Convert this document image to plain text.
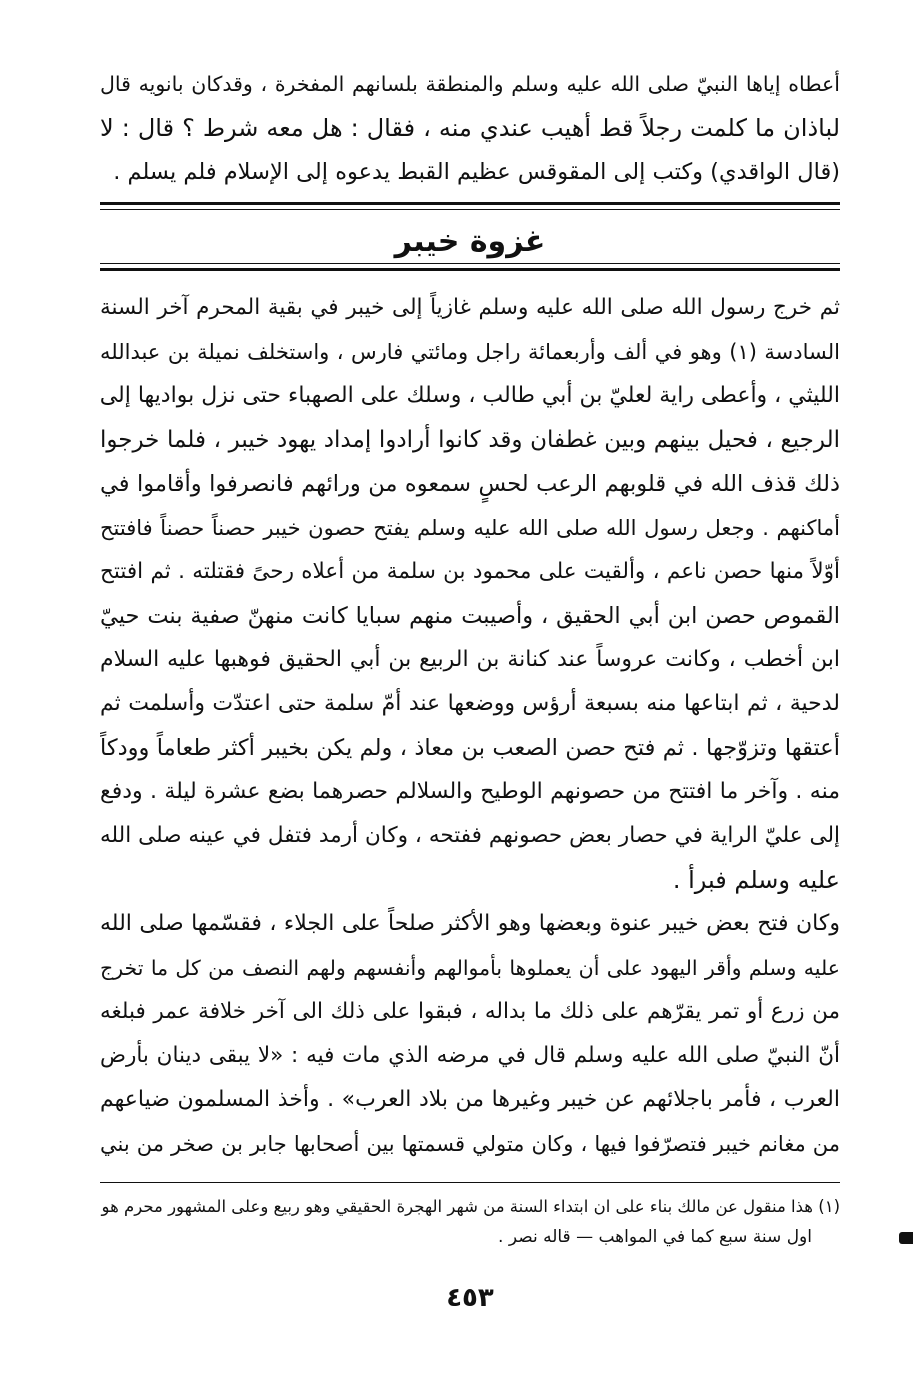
أعطاه إياها النبيّ صلى الله عليه وسلم والمنطقة بلسانهم المفخرة ، وقدكان بانويه قال
لباذان ما كلمت رجلاً قط أهيب عندي منه ، فقال : هل معه شرط ؟ قال : لا
(قال الواقدي) وكتب إلى المقوقس عظيم القبط يدعوه إلى الإسلام فلم يسلم .
غزوة خيبر
ثم خرج رسول الله صلى الله عليه وسلم غازياً إلى خيبر في بقية المحرم آخر السنة
السادسة (١) وهو في ألف وأربعمائة راجل ومائتي فارس ، واستخلف نميلة بن عبدالله
الليثي ، وأعطى راية لعليّ بن أبي طالب ، وسلك على الصهباء حتى نزل بواديها إلى
الرجيع ، فحيل بينهم وبين غطفان وقد كانوا أرادوا إمداد يهود خيبر ، فلما خرجوا
ذلك قذف الله في قلوبهم الرعب لحسٍ سمعوه من ورائهم فانصرفوا وأقاموا في
أماكنهم . وجعل رسول الله صلى الله عليه وسلم يفتح حصون خيبر حصناً حصناً فافتتح
أوّلاً منها حصن ناعم ، وألقيت على محمود بن سلمة من أعلاه رحىً فقتلته . ثم افتتح
القموص حصن ابن أبي الحقيق ، وأصيبت منهم سبايا كانت منهنّ صفية بنت حييّ
ابن أخطب ، وكانت عروساً عند كنانة بن الربيع بن أبي الحقيق فوهبها عليه السلام
لدحية ، ثم ابتاعها منه بسبعة أرؤس ووضعها عند أمّ سلمة حتى اعتدّت وأسلمت ثم
أعتقها وتزوّجها . ثم فتح حصن الصعب بن معاذ ، ولم يكن بخيبر أكثر طعاماً وودكاً
منه . وآخر ما افتتح من حصونهم الوطيح والسلالم حصرهما بضع عشرة ليلة . ودفع
إلى عليّ الراية في حصار بعض حصونهم ففتحه ، وكان أرمد فتفل في عينه صلى الله
عليه وسلم فبرأ .
وكان فتح بعض خيبر عنوة وبعضها وهو الأكثر صلحاً على الجلاء ، فقسّمها صلى الله
عليه وسلم وأقر اليهود على أن يعملوها بأموالهم وأنفسهم ولهم النصف من كل ما تخرج
من زرع أو تمر يقرّهم على ذلك ما بداله ، فبقوا على ذلك الى آخر خلافة عمر فبلغه
أنّ النبيّ صلى الله عليه وسلم قال في مرضه الذي مات فيه : «لا يبقى دينان بأرض
العرب ، فأمر باجلائهم عن خيبر وغيرها من بلاد العرب» . وأخذ المسلمون ضياعهم
من مغانم خيبر فتصرّفوا فيها ، وكان متولي قسمتها بين أصحابها جابر بن صخر من بني
(١) هذا منقول عن مالك بناء على ان ابتداء السنة من شهر الهجرة الحقيقي وهو ربيع وعلى المشهور محرم هو
اول سنة سبع كما في المواهب — قاله نصر .
٤٥٣
